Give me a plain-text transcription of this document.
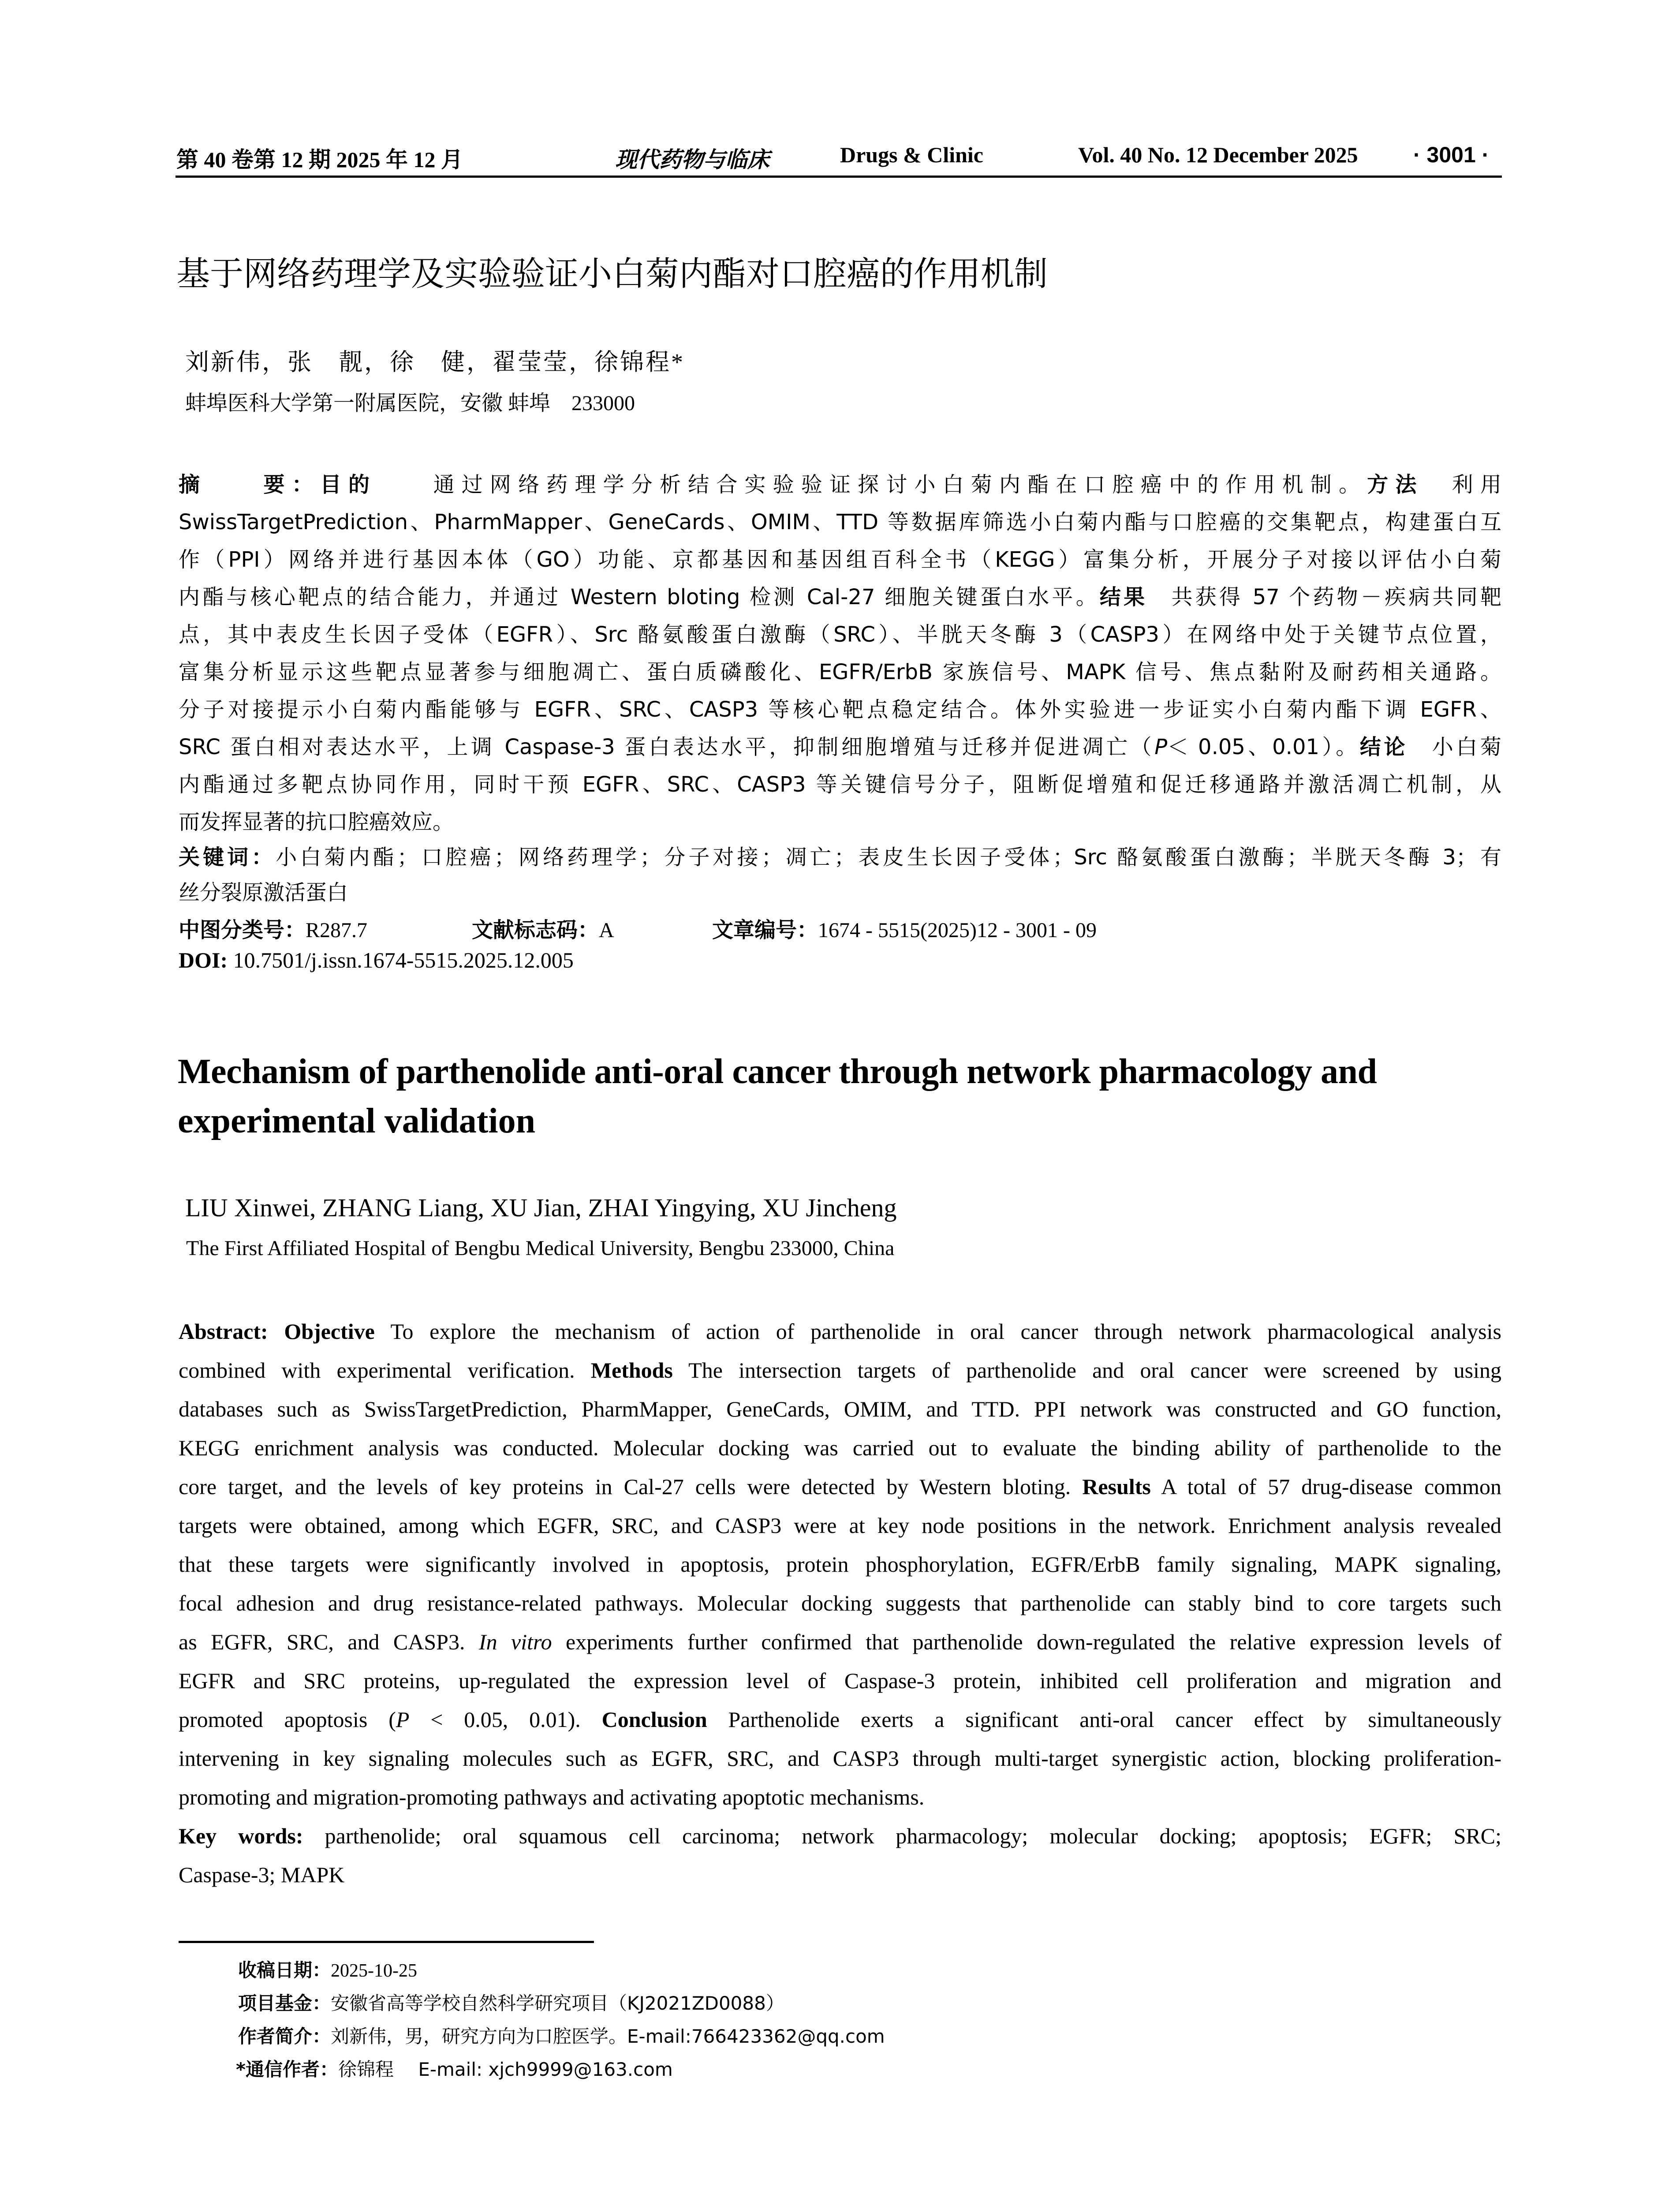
第 40 卷第 12 期 2025 年 12 月	现代药物与临床	Drugs & Clinic	Vol. 40 No. 12 December 2025	· 3001 ·
基于网络药理学及实验验证小白菊内酯对口腔癌的作用机制
刘新伟，张　靓，徐　健，翟莹莹，徐锦程*
蚌埠医科大学第一附属医院，安徽 蚌埠　233000
摘　　要：目的　　通过网络药理学分析结合实验验证探讨小白菊内酯在口腔癌中的作用机制。方法　利用
SwissTargetPrediction、PharmMapper、GeneCards、OMIM、TTD 等数据库筛选小白菊内酯与口腔癌的交集靶点，构建蛋白互
作（PPI）网络并进行基因本体（GO）功能、京都基因和基因组百科全书（KEGG）富集分析，开展分子对接以评估小白菊
内酯与核心靶点的结合能力，并通过 Western bloting 检测 Cal-27 细胞关键蛋白水平。结果　共获得 57 个药物－疾病共同靶
点，其中表皮生长因子受体（EGFR）、Src 酪氨酸蛋白激酶（SRC）、半胱天冬酶 3（CASP3）在网络中处于关键节点位置，
富集分析显示这些靶点显著参与细胞凋亡、蛋白质磷酸化、EGFR/ErbB 家族信号、MAPK 信号、焦点黏附及耐药相关通路。
分子对接提示小白菊内酯能够与 EGFR、SRC、CASP3 等核心靶点稳定结合。体外实验进一步证实小白菊内酯下调 EGFR、
SRC 蛋白相对表达水平，上调 Caspase-3 蛋白表达水平，抑制细胞增殖与迁移并促进凋亡（P＜ 0.05、0.01）。结论　小白菊
内酯通过多靶点协同作用，同时干预 EGFR、SRC、CASP3 等关键信号分子，阻断促增殖和促迁移通路并激活凋亡机制，从
而发挥显著的抗口腔癌效应。
关键词：小白菊内酯；口腔癌；网络药理学；分子对接；凋亡；表皮生长因子受体；Src 酪氨酸蛋白激酶；半胱天冬酶 3；有
丝分裂原激活蛋白
中图分类号：R287.7	文献标志码：A	文章编号：1674 - 5515(2025)12 - 3001 - 09
DOI: 10.7501/j.issn.1674-5515.2025.12.005
Mechanism of parthenolide anti-oral cancer through network pharmacology and
experimental validation
LIU Xinwei, ZHANG Liang, XU Jian, ZHAI Yingying, XU Jincheng
The First Affiliated Hospital of Bengbu Medical University, Bengbu 233000, China
Abstract: Objective To explore the mechanism of action of parthenolide in oral cancer through network pharmacological analysis
combined with experimental verification. Methods The intersection targets of parthenolide and oral cancer were screened by using
databases such as SwissTargetPrediction, PharmMapper, GeneCards, OMIM, and TTD. PPI network was constructed and GO function,
KEGG enrichment analysis was conducted. Molecular docking was carried out to evaluate the binding ability of parthenolide to the
core target, and the levels of key proteins in Cal-27 cells were detected by Western bloting. Results A total of 57 drug-disease common
targets were obtained, among which EGFR, SRC, and CASP3 were at key node positions in the network. Enrichment analysis revealed
that these targets were significantly involved in apoptosis, protein phosphorylation, EGFR/ErbB family signaling, MAPK signaling,
focal adhesion and drug resistance-related pathways. Molecular docking suggests that parthenolide can stably bind to core targets such
as EGFR, SRC, and CASP3. In vitro experiments further confirmed that parthenolide down-regulated the relative expression levels of
EGFR and SRC proteins, up-regulated the expression level of Caspase-3 protein, inhibited cell proliferation and migration and
promoted apoptosis (P < 0.05, 0.01). Conclusion Parthenolide exerts a significant anti-oral cancer effect by simultaneously
intervening in key signaling molecules such as EGFR, SRC, and CASP3 through multi-target synergistic action, blocking proliferation-
promoting and migration-promoting pathways and activating apoptotic mechanisms.
Key words: parthenolide; oral squamous cell carcinoma; network pharmacology; molecular docking; apoptosis; EGFR; SRC;
Caspase-3; MAPK
收稿日期：2025-10-25
项目基金：安徽省高等学校自然科学研究项目（KJ2021ZD0088）
作者简介：刘新伟，男，研究方向为口腔医学。E-mail:766423362@qq.com
*通信作者：徐锦程　 E-mail: xjch9999@163.com
